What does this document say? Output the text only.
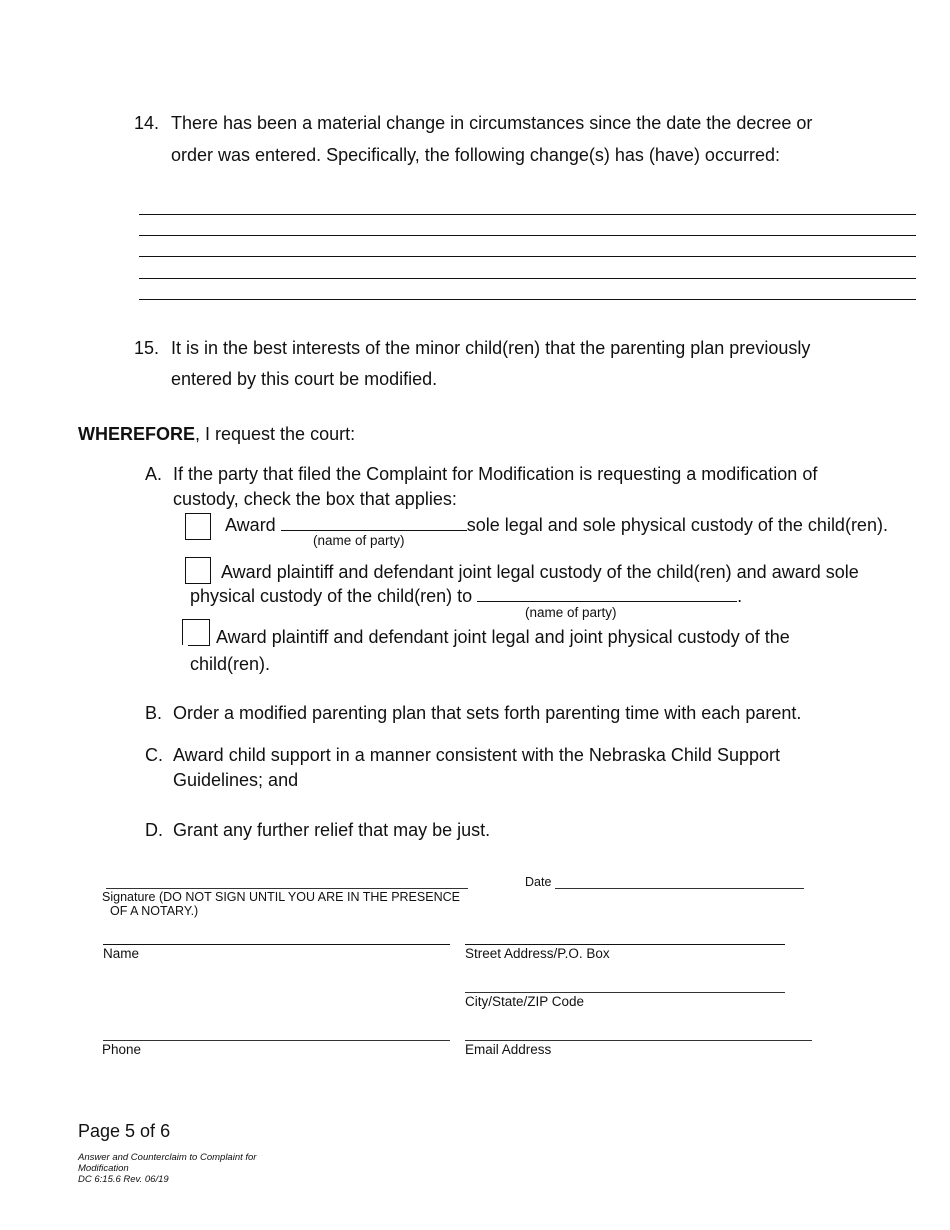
14. There has been a material change in circumstances since the date the decree or
order was entered. Specifically, the following change(s) has (have) occurred:
15. It is in the best interests of the minor child(ren) that the parenting plan previously
entered by this court be modified.
WHEREFORE, I request the court:
A. If the party that filed the Complaint for Modification is requesting a modification of
custody, check the box that applies:
Award	sole legal and sole physical custody of the child(ren).
(name of party)
Award plaintiff and defendant joint legal custody of the child(ren) and award sole
physical custody of the child(ren) to	.
(name of party)
Award plaintiff and defendant joint legal and joint physical custody of the
child(ren).
B. Order a modified parenting plan that sets forth parenting time with each parent.
C. Award child support in a manner consistent with the Nebraska Child Support
Guidelines; and
D. Grant any further relief that may be just.
Signature (DO NOT SIGN UNTIL YOU ARE IN THE PRESENCE
OF A NOTARY.)
Date
Name	Street Address/P.O. Box
City/State/ZIP Code
Phone	Email Address
Page 5 of 6
Answer and Counterclaim to Complaint for
Modification
DC 6:15.6 Rev. 06/19
